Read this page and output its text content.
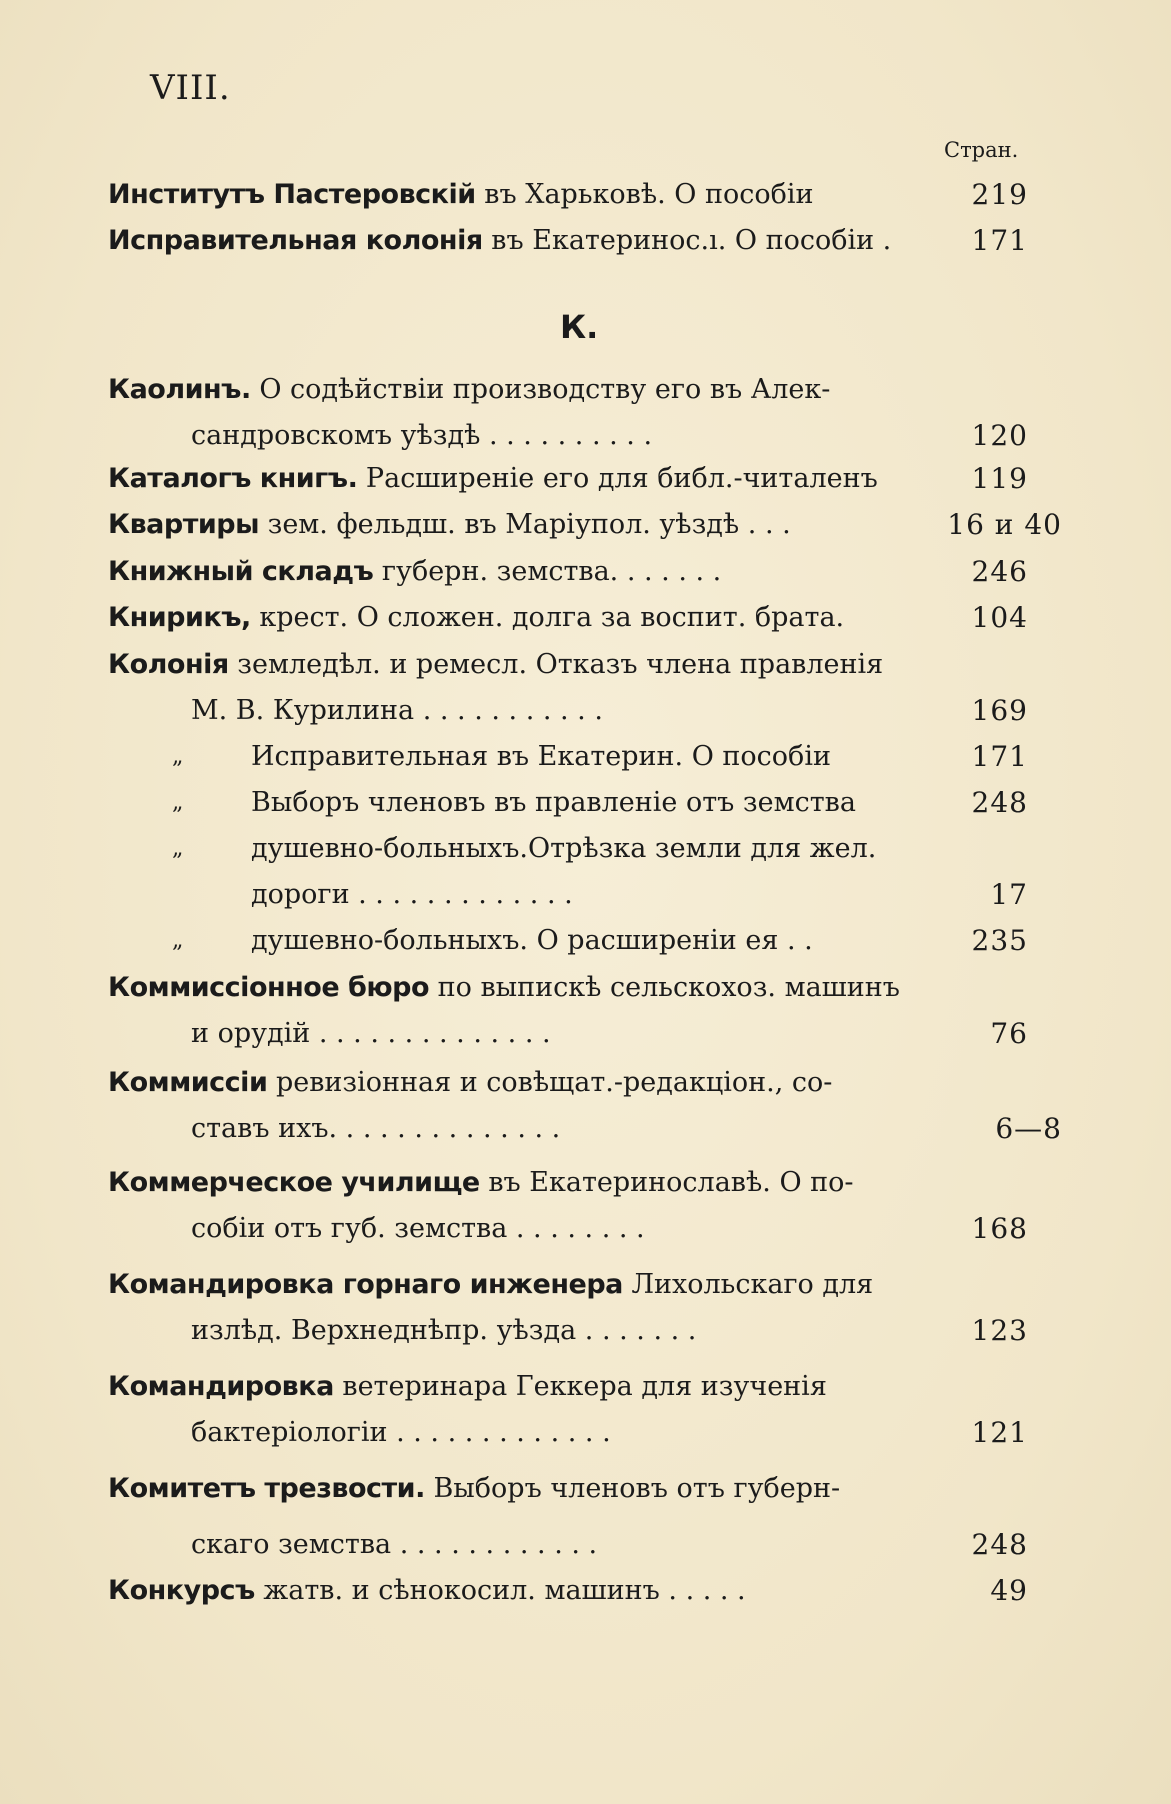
VIII.
Стран.
Институтъ Пастеровскій въ Харьковѣ. О пособіи	219
Исправительная колонія въ Екатеринос.ı. О пособіи .	171
К.
Каолинъ. О содѣйствіи производству его въ Алек-
сандровскомъ уѣздѣ . . . . . . . . . .	120
Каталогъ книгъ. Расширеніе его для библ.-читаленъ	119
Квартиры зем. фельдш. въ Маріупол. уѣздѣ . . .	16 и 40
Книжный складъ губерн. земства. . . . . . .	246
Книрикъ, крест. О сложен. долга за воспит. брата.	104
Колонія земледѣл. и ремесл. Отказъ члена правленія
М. В. Курилина . . . . . . . . . . .	169
„	Исправительная въ Екатерин. О пособіи	171
„	Выборъ членовъ въ правленіе отъ земства	248
„	душевно-больныхъ.Отрѣзка земли для жел.
дороги . . . . . . . . . . . . .	17
„	душевно-больныхъ. О расширеніи ея . .	235
Коммиссіонное бюро по выпискѣ сельскохоз. машинъ
и орудій . . . . . . . . . . . . . .	76
Коммиссіи ревизіонная и совѣщат.-редакціон., со-
ставъ ихъ. . . . . . . . . . . . . .	6—8
Коммерческое училище въ Екатеринославѣ. О по-
собіи отъ губ. земства . . . . . . . .	168
Командировка горнаго инженера Лихольскаго для
излѣд. Верхнеднѣпр. уѣзда . . . . . . .	123
Командировка ветеринара Геккера для изученія
бактеріологіи . . . . . . . . . . . . .	121
Комитетъ трезвости. Выборъ членовъ отъ губерн-
скаго земства . . . . . . . . . . . .	248
Конкурсъ жатв. и сѣнокосил. машинъ . . . . .	49
